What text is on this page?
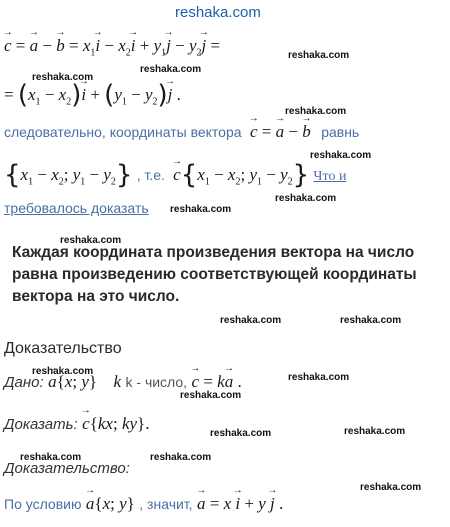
reshaka.com
→ c = → a − → $b = x_1\to i - x_2\to i + y_1\to j - y_2\to j$ =
reshaka.com
reshaka.com
reshaka.com
= $(x_1 - x_2)\to i + (y_1 - y_2)\to j$ .
reshaka.com
следовательно, координаты вектора → c = → a − → b равнь
reshaka.com
{$x_1 - x_2$; $y_1 - y_2$} , т.е. → $c\{x_1 - x_2$; $y_1 - y_2$} Что и
reshaka.com
требовалось доказать reshaka.com
reshaka.com
Каждая координата произведения вектора на число равна произведению соответствующей координаты вектора на это число.
reshaka.com	reshaka.com
Доказательство
reshaka.com
Дано: → a{x; y} k k - число, → c = k→ a .	reshaka.com
reshaka.com
Доказать: → c{kx; ky}.	reshaka.com
reshaka.com
reshaka.com	reshaka.com
Доказательство:
reshaka.com
По условию → a{x; y} , значит, → a = x → i + y → j .
